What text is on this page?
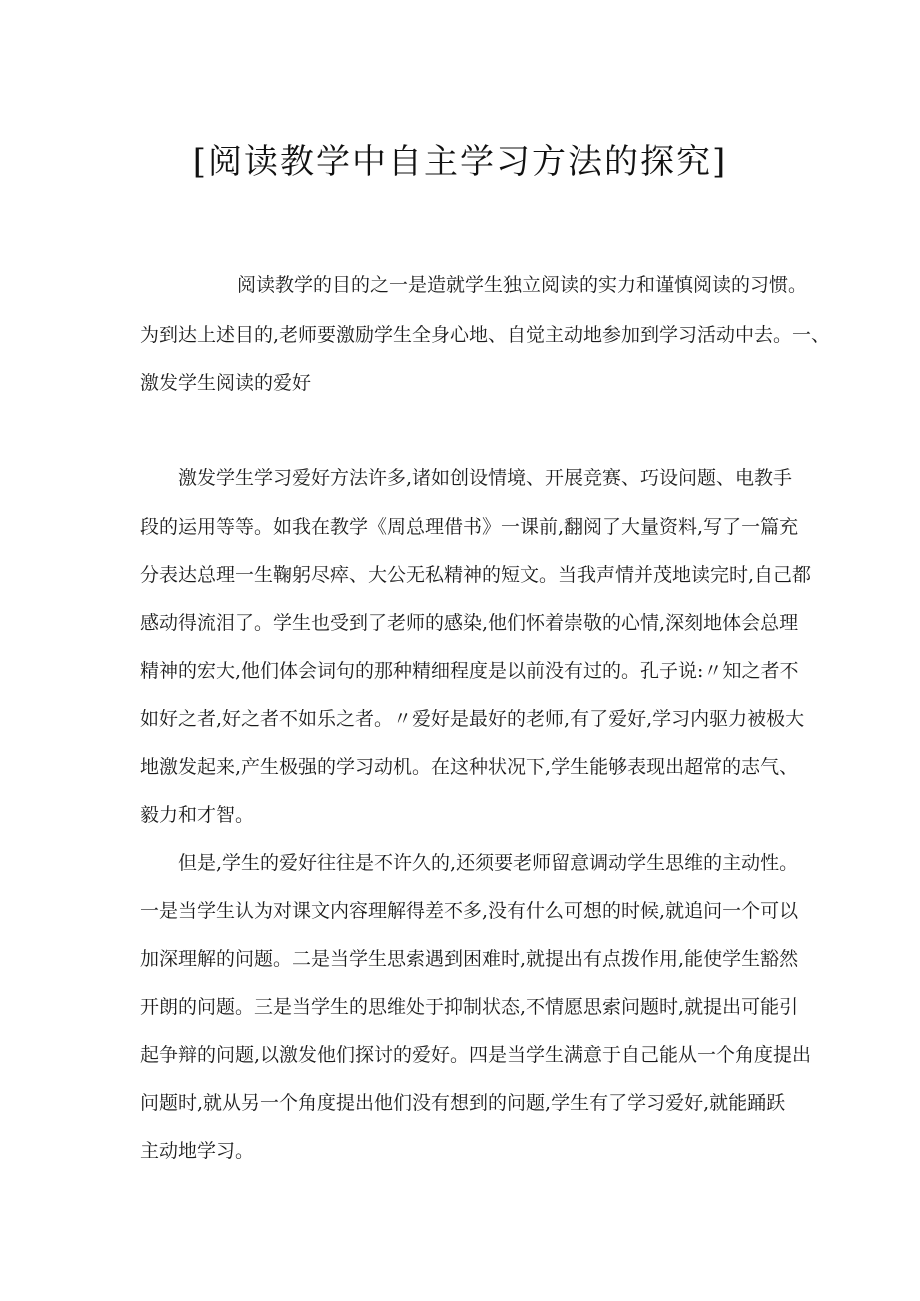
[阅读教学中自主学习方法的探究]

阅读教学的目的之一是造就学生独立阅读的实力和谨慎阅读的习惯。

为到达上述目的,老师要激励学生全身心地、自觉主动地参加到学习活动中去。一、

激发学生阅读的爱好

激发学生学习爱好方法许多,诸如创设情境、开展竞赛、巧设问题、电教手

段的运用等等。如我在教学《周总理借书》一课前,翻阅了大量资料,写了一篇充

分表达总理一生鞠躬尽瘁、大公无私精神的短文。当我声情并茂地读完时,自己都

感动得流泪了。学生也受到了老师的感染,他们怀着崇敬的心情,深刻地体会总理

精神的宏大,他们体会词句的那种精细程度是以前没有过的。孔子说:〃知之者不

如好之者,好之者不如乐之者。〃爱好是最好的老师,有了爱好,学习内驱力被极大

地激发起来,产生极强的学习动机。在这种状况下,学生能够表现出超常的志气、

毅力和才智。

但是,学生的爱好往往是不许久的,还须要老师留意调动学生思维的主动性。

一是当学生认为对课文内容理解得差不多,没有什么可想的时候,就追问一个可以

加深理解的问题。二是当学生思索遇到困难时,就提出有点拨作用,能使学生豁然

开朗的问题。三是当学生的思维处于抑制状态,不情愿思索问题时,就提出可能引

起争辩的问题,以激发他们探讨的爱好。四是当学生满意于自己能从一个角度提出

问题时,就从另一个角度提出他们没有想到的问题,学生有了学习爱好,就能踊跃

主动地学习。
